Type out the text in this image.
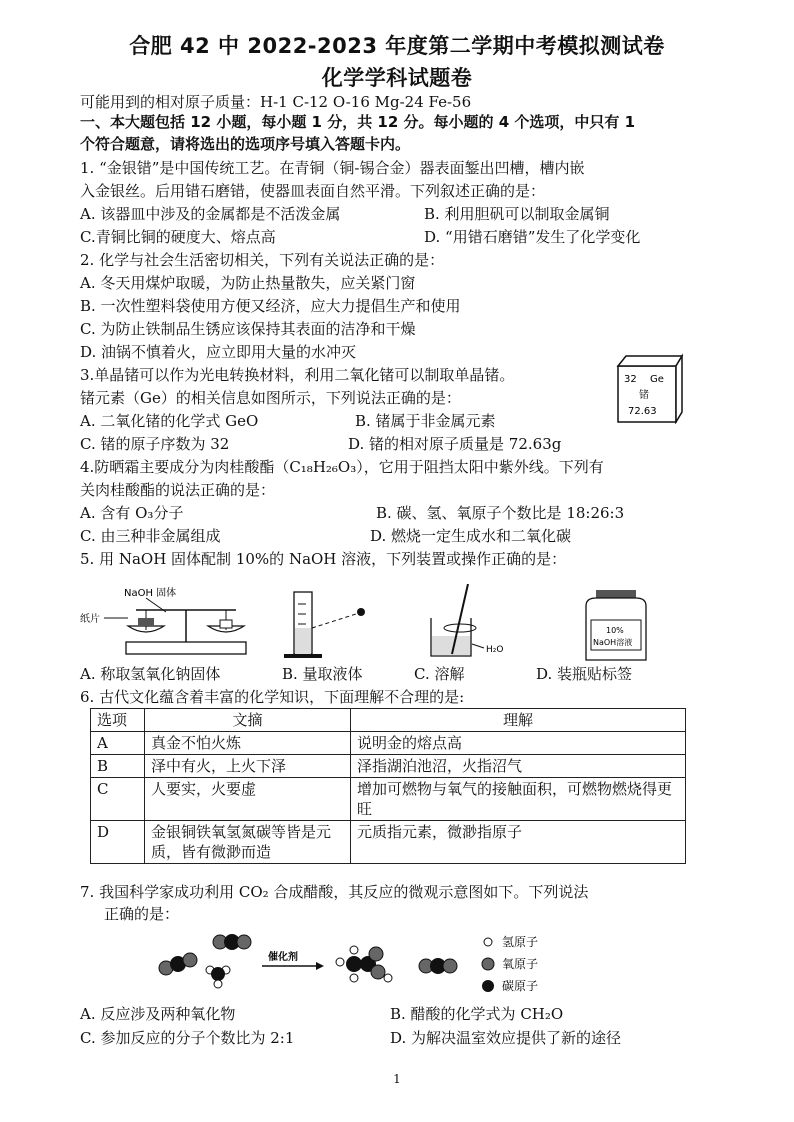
合肥 42 中 2022-2023 年度第二学期中考模拟测试卷
化学学科试题卷
可能用到的相对原子质量：H-1 C-12 O-16 Mg-24 Fe-56
一、本大题包括 12 小题，每小题 1 分，共 12 分。每小题的 4 个选项，中只有 1
个符合题意，请将选出的选项序号填入答题卡内。
1. “金银错”是中国传统工艺。在青铜（铜-锡合金）器表面錾出凹槽，槽内嵌
入金银丝。后用错石磨错，使器皿表面自然平滑。下列叙述正确的是：
A. 该器皿中涉及的金属都是不活泼金属	B. 利用胆矾可以制取金属铜
C.青铜比铜的硬度大、熔点高	D. “用错石磨错”发生了化学变化
2. 化学与社会生活密切相关，下列有关说法正确的是：
A. 冬天用煤炉取暖，为防止热量散失，应关紧门窗
B. 一次性塑料袋使用方便又经济，应大力提倡生产和使用
C. 为防止铁制品生锈应该保持其表面的洁净和干燥
D. 油锅不慎着火，应立即用大量的水冲灭
3.单晶锗可以作为光电转换材料，利用二氧化锗可以制取单晶锗。
锗元素（Ge）的相关信息如图所示，下列说法正确的是：
A. 二氧化锗的化学式 GeO	B. 锗属于非金属元素
C. 锗的原子序数为 32	D. 锗的相对原子质量是 72.63g
32 Ge
锗
72.63
4.防晒霜主要成分为肉桂酸酯（C₁₈H₂₆O₃），它用于阻挡太阳中紫外线。下列有
关肉桂酸酯的说法正确的是：
A. 含有 O₃分子	B. 碳、氢、氧原子个数比是 18:26:3
C. 由三种非金属组成	D. 燃烧一定生成水和二氧化碳
5. 用 NaOH 固体配制 10%的 NaOH 溶液，下列装置或操作正确的是：
NaOH 固体
纸片
H₂O
10%
NaOH溶液
A. 称取氢氧化钠固体	B. 量取液体	C. 溶解	D. 装瓶贴标签
6. 古代文化蕴含着丰富的化学知识，下面理解不合理的是:
选项	文摘	理解
A	真金不怕火炼	说明金的熔点高
B	泽中有火，上火下泽	泽指湖泊池沼，火指沼气
C	人要实，火要虚	增加可燃物与氧气的接触面积，可燃物燃烧得更旺
D	金银铜铁氧氢氮碳等皆是元质，皆有微渺而造	元质指元素，微渺指原子
7. 我国科学家成功利用 CO₂ 合成醋酸，其反应的微观示意图如下。下列说法
正确的是：
催化剂
氢原子
氧原子
碳原子
A. 反应涉及两种氧化物	B. 醋酸的化学式为 CH₂O
C. 参加反应的分子个数比为 2:1	D. 为解决温室效应提供了新的途径
1
